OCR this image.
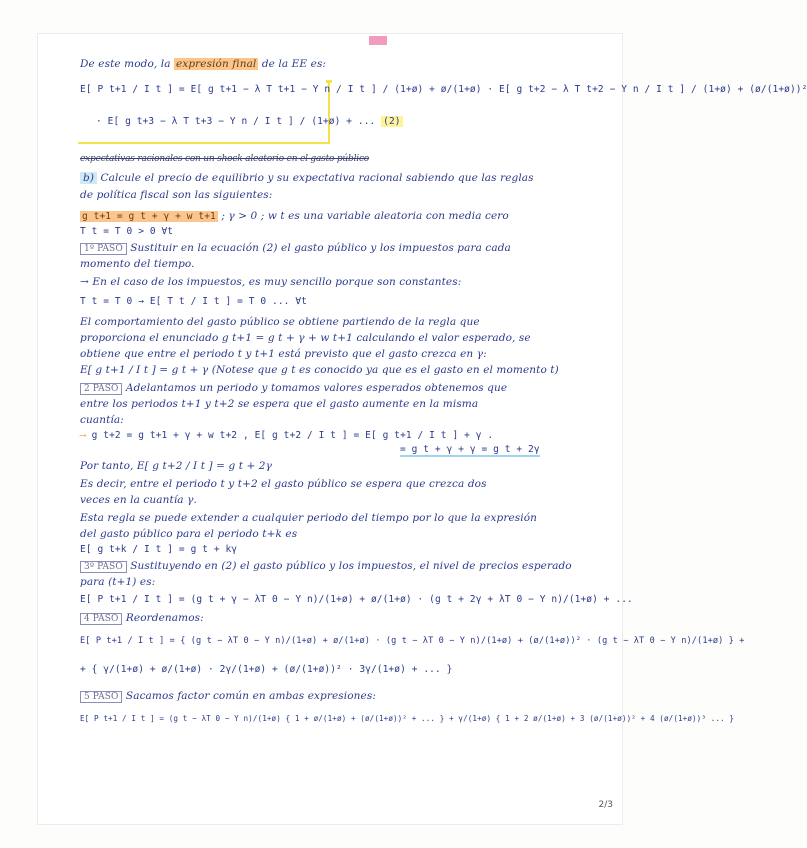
De este modo, la expresión final de la EE es:
E[ P t+1 / I t ] = E[ g t+1 − λ T t+1 − Y n / I t ] / (1+ø) + ø/(1+ø) · E[ g t+2 − λ T t+2 − Y n / I t ] / (1+ø) + (ø/(1+ø))²
· E[ g t+3 − λ T t+3 − Y n / I t ] / (1+ø) + ... (2)
expectativas racionales con un shock aleatorio en el gasto público
b) Calcule el precio de equilibrio y su expectativa racional sabiendo que las reglas
de política fiscal son las siguientes:
g t+1 = g t + γ + w t+1 ; γ > 0 ; w t es una variable aleatoria con media cero
T t = T 0 > 0 ∀t
1º PASO Sustituir en la ecuación (2) el gasto público y los impuestos para cada
momento del tiempo.
→ En el caso de los impuestos, es muy sencillo porque son constantes:
T t = T 0 → E[ T t / I t ] = T 0 ... ∀t
El comportamiento del gasto público se obtiene partiendo de la regla que
proporciona el enunciado g t+1 = g t + γ + w t+1 calculando el valor esperado, se
obtiene que entre el periodo t y t+1 está previsto que el gasto crezca en γ:
E[ g t+1 / I t ] = g t + γ (Notese que g t es conocido ya que es el gasto en el momento t)
2 PASO Adelantamos un periodo y tomamos valores esperados obtenemos que
entre los periodos t+1 y t+2 se espera que el gasto aumente en la misma
cuantía:
⟶ g t+2 = g t+1 + γ + w t+2 , E[ g t+2 / I t ] = E[ g t+1 / I t ] + γ .
= g t + γ + γ = g t + 2γ
Por tanto, E[ g t+2 / I t ] = g t + 2γ
Es decir, entre el periodo t y t+2 el gasto público se espera que crezca dos
veces en la cuantía γ.
Esta regla se puede extender a cualquier periodo del tiempo por lo que la expresión
del gasto público para el periodo t+k es
E[ g t+k / I t ] = g t + kγ
3º PASO Sustituyendo en (2) el gasto público y los impuestos, el nivel de precios esperado
para (t+1) es:
E[ P t+1 / I t ] = (g t + γ − λT 0 − Y n)/(1+ø) + ø/(1+ø) · (g t + 2γ + λT 0 − Y n)/(1+ø) + ...
4 PASO Reordenamos:
E[ P t+1 / I t ] = { (g t − λT 0 − Y n)/(1+ø) + ø/(1+ø) · (g t − λT 0 − Y n)/(1+ø) + (ø/(1+ø))² · (g t − λT 0 − Y n)/(1+ø) } +
+ { γ/(1+ø) + ø/(1+ø) · 2γ/(1+ø) + (ø/(1+ø))² · 3γ/(1+ø) + ... }
5 PASO Sacamos factor común en ambas expresiones:
E[ P t+1 / I t ] = (g t − λT 0 − Y n)/(1+ø) { 1 + ø/(1+ø) + (ø/(1+ø))² + ... } + γ/(1+ø) { 1 + 2 ø/(1+ø) + 3 (ø/(1+ø))² + 4 (ø/(1+ø))³ ... }
2/3
